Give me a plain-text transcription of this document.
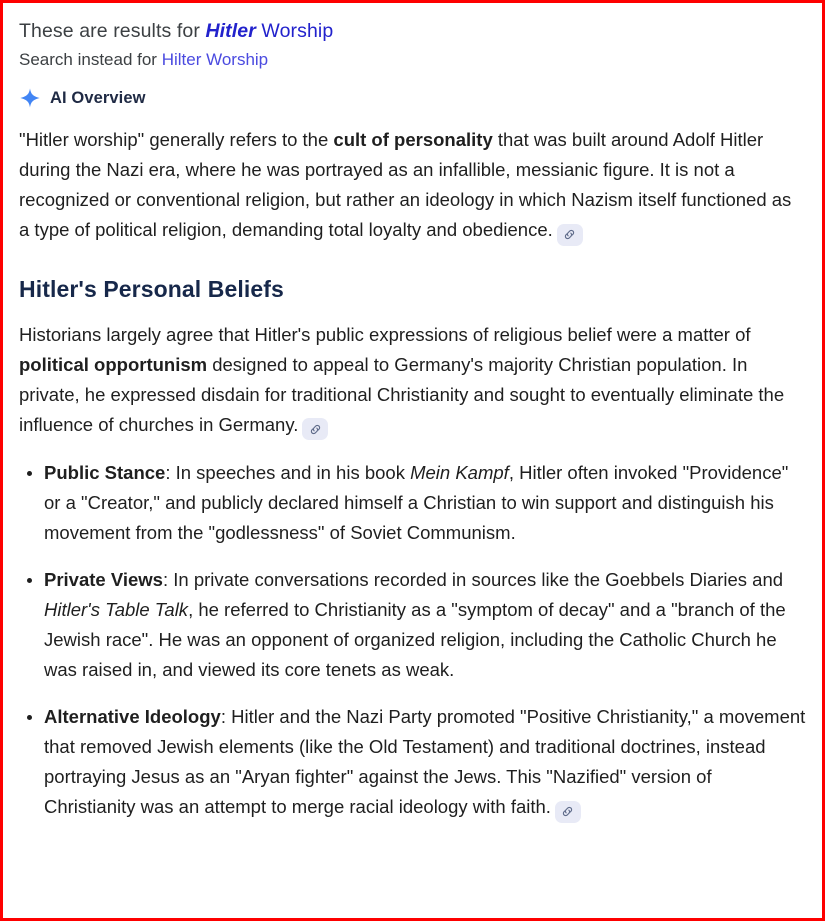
These are results for Hitler Worship
Search instead for Hilter Worship
AI Overview

"Hitler worship" generally refers to the cult of personality that was built around Adolf Hitler during the Nazi era, where he was portrayed as an infallible, messianic figure. It is not a recognized or conventional religion, but rather an ideology in which Nazism itself functioned as a type of political religion, demanding total loyalty and obedience.

Hitler's Personal Beliefs

Historians largely agree that Hitler's public expressions of religious belief were a matter of political opportunism designed to appeal to Germany's majority Christian population. In private, he expressed disdain for traditional Christianity and sought to eventually eliminate the influence of churches in Germany.

Public Stance: In speeches and in his book Mein Kampf, Hitler often invoked "Providence" or a "Creator," and publicly declared himself a Christian to win support and distinguish his movement from the "godlessness" of Soviet Communism.
Private Views: In private conversations recorded in sources like the Goebbels Diaries and Hitler's Table Talk, he referred to Christianity as a "symptom of decay" and a "branch of the Jewish race". He was an opponent of organized religion, including the Catholic Church he was raised in, and viewed its core tenets as weak.
Alternative Ideology: Hitler and the Nazi Party promoted "Positive Christianity," a movement that removed Jewish elements (like the Old Testament) and traditional doctrines, instead portraying Jesus as an "Aryan fighter" against the Jews. This "Nazified" version of Christianity was an attempt to merge racial ideology with faith.
